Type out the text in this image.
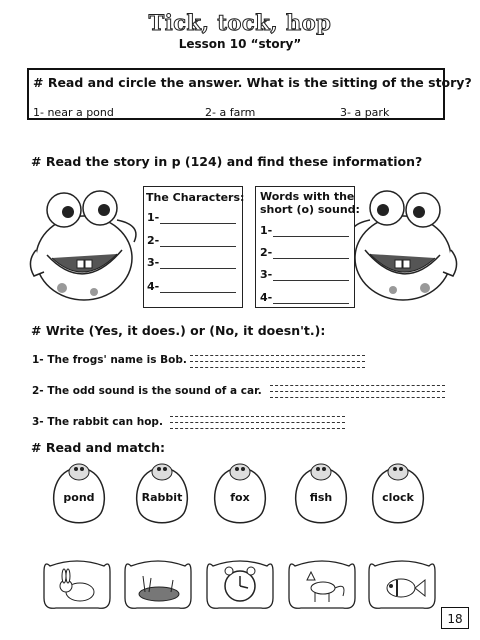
Tick, tock, hop
Lesson 10 “story”
# Read and circle the answer. What is the sitting of the story?
1- near a pond	2- a farm	3- a park
# Read the story in p (124) and find these information?
The Characters:
1-
2-
3-
4-
Words with the
short (o) sound:
1-
2-
3-
4-
# Write (Yes, it does.) or (No, it doesn't.):
1- The frogs' name is Bob.
2- The odd sound is the sound of a car.
3- The rabbit can hop.
# Read and match:
pond	Rabbit	fox	fish	clock
18
